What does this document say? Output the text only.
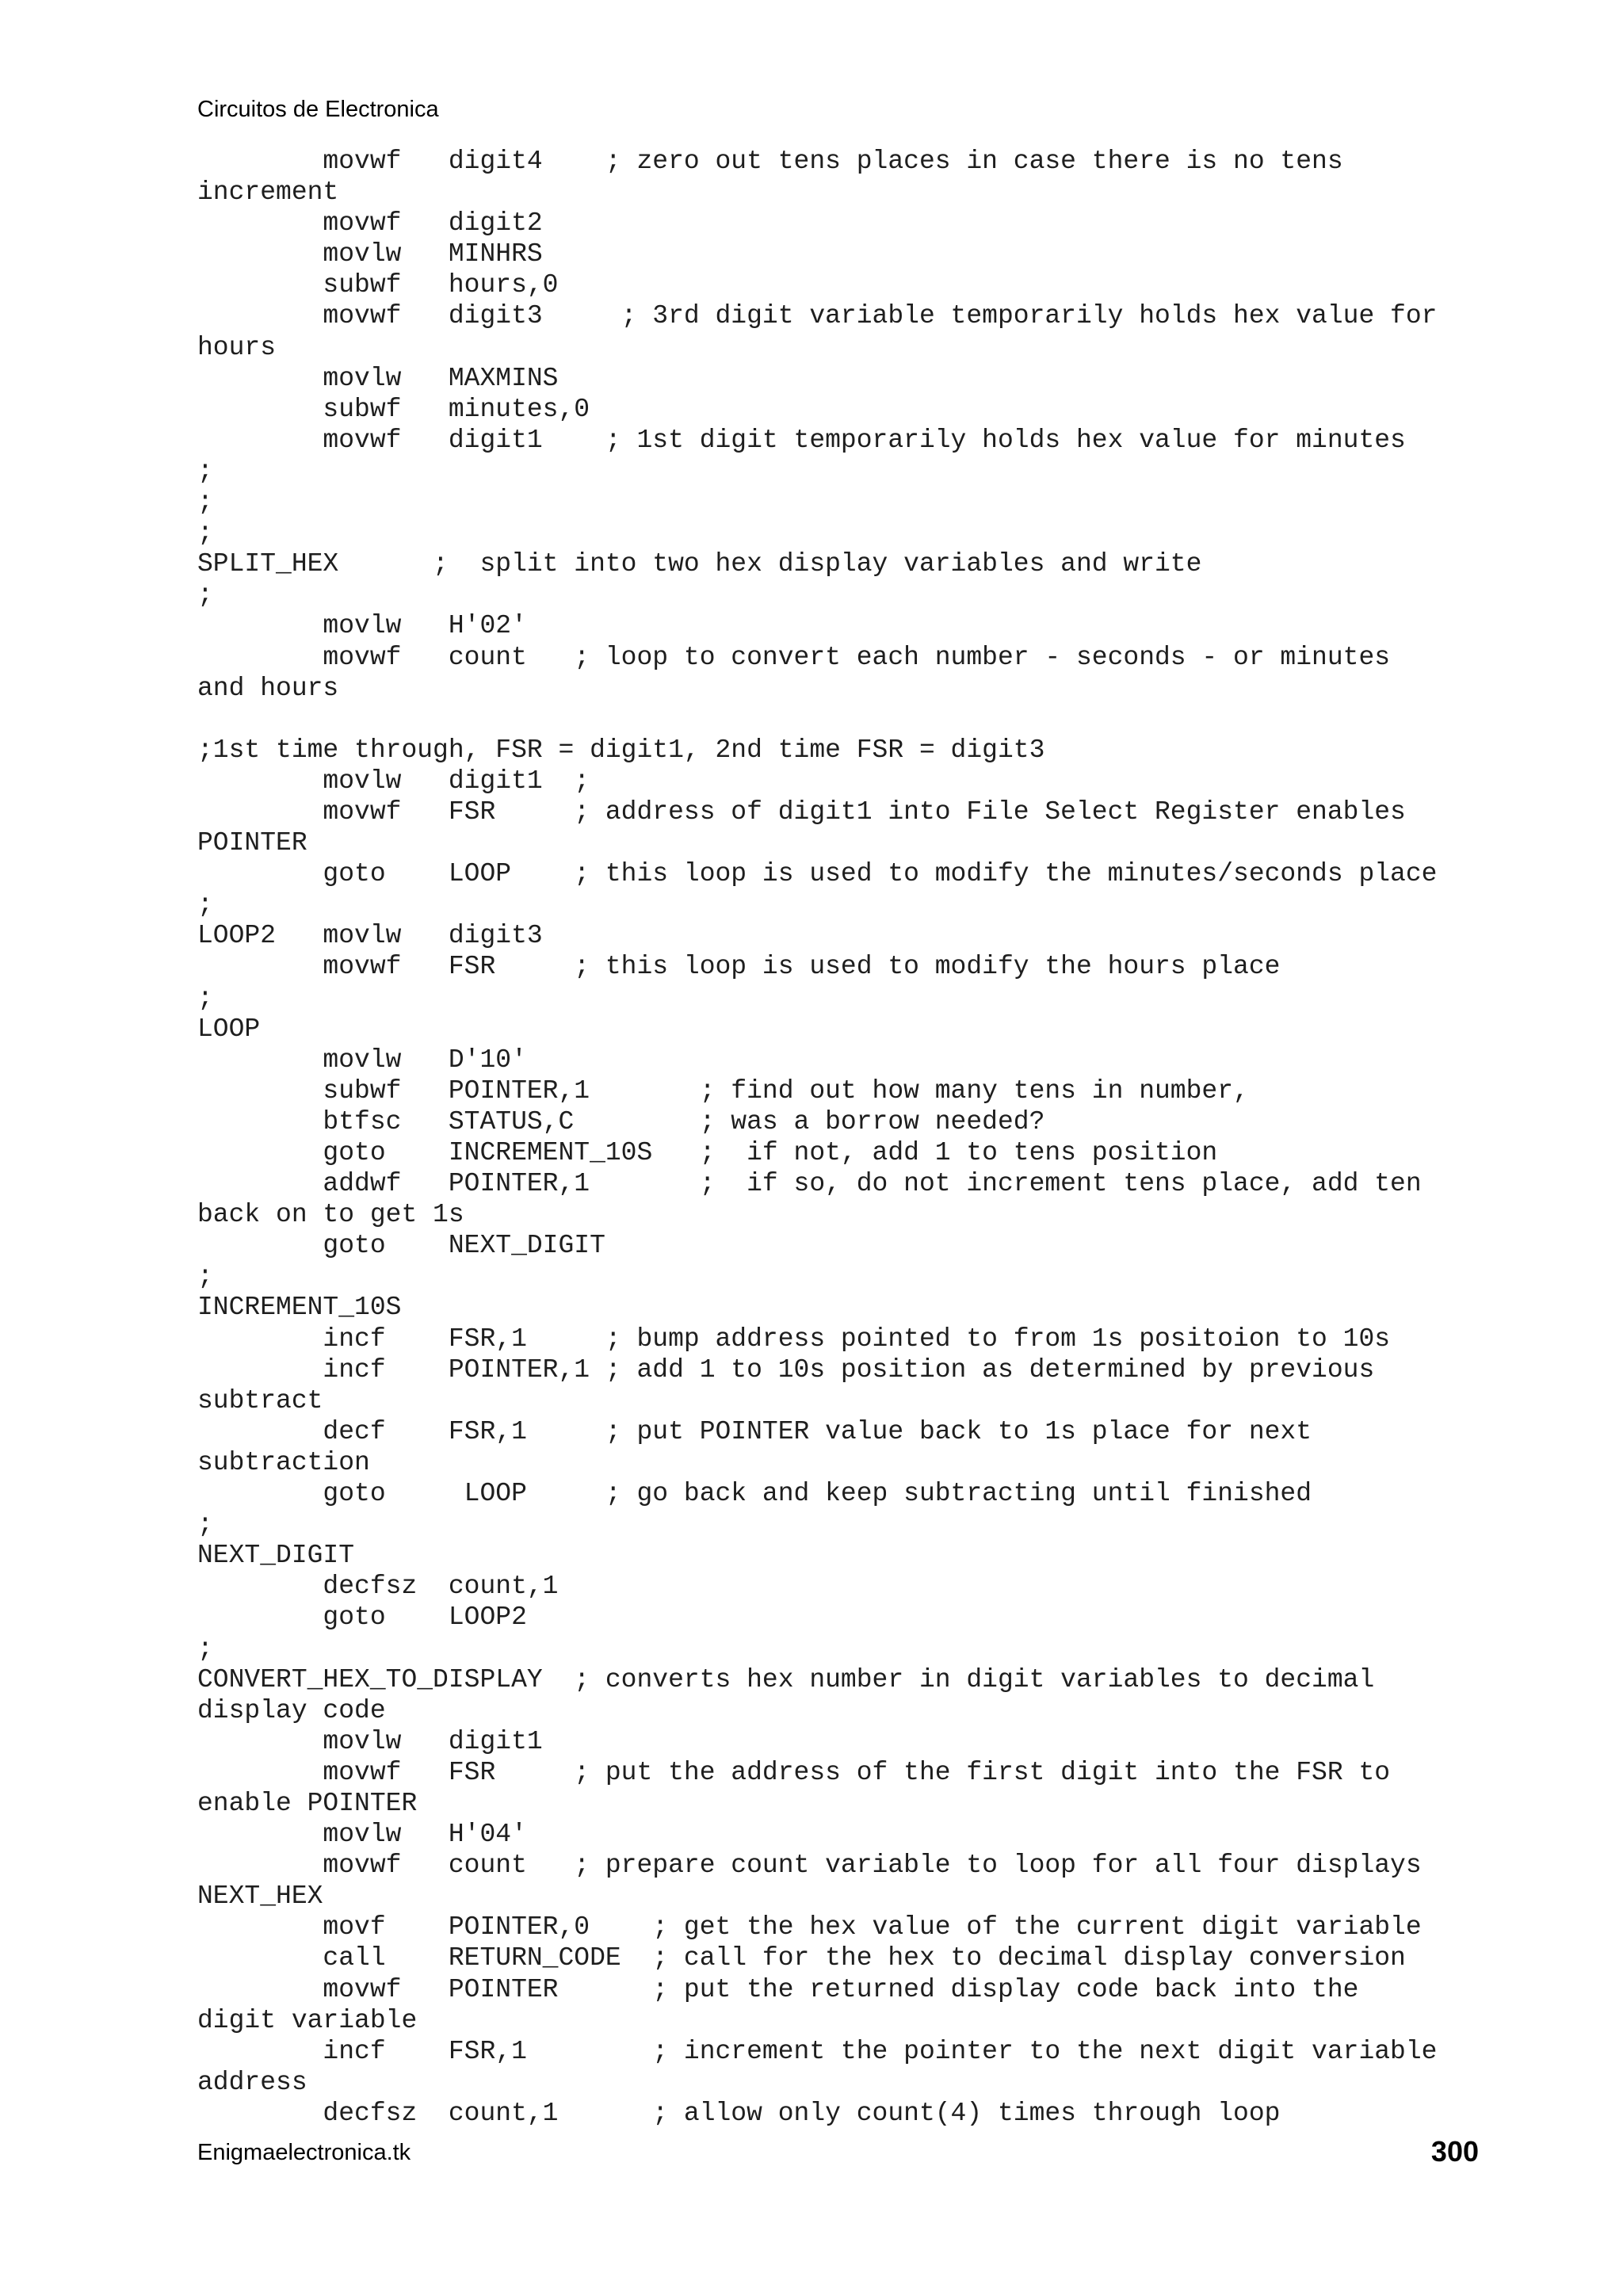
Circuitos de Electronica
movwf   digit4    ; zero out tens places in case there is no tens
increment
movwf   digit2
movlw   MINHRS
subwf   hours,0
movwf   digit3     ; 3rd digit variable temporarily holds hex value for
hours
movlw   MAXMINS
subwf   minutes,0
movwf   digit1    ; 1st digit temporarily holds hex value for minutes
;
;
;
SPLIT_HEX      ;  split into two hex display variables and write
;
movlw   H'02'
movwf   count   ; loop to convert each number - seconds - or minutes
and hours

;1st time through, FSR = digit1, 2nd time FSR = digit3
movlw   digit1  ;
movwf   FSR     ; address of digit1 into File Select Register enables
POINTER
goto    LOOP    ; this loop is used to modify the minutes/seconds place
;
LOOP2   movlw   digit3
movwf   FSR     ; this loop is used to modify the hours place
;
LOOP
movlw   D'10'
subwf   POINTER,1       ; find out how many tens in number,
btfsc   STATUS,C        ; was a borrow needed?
goto    INCREMENT_10S   ;  if not, add 1 to tens position
addwf   POINTER,1       ;  if so, do not increment tens place, add ten
back on to get 1s
goto    NEXT_DIGIT
;
INCREMENT_10S
incf    FSR,1     ; bump address pointed to from 1s positoion to 10s
incf    POINTER,1 ; add 1 to 10s position as determined by previous
subtract
decf    FSR,1     ; put POINTER value back to 1s place for next
subtraction
goto     LOOP     ; go back and keep subtracting until finished
;
NEXT_DIGIT
decfsz  count,1
goto    LOOP2
;
CONVERT_HEX_TO_DISPLAY  ; converts hex number in digit variables to decimal
display code
movlw   digit1
movwf   FSR     ; put the address of the first digit into the FSR to
enable POINTER
movlw   H'04'
movwf   count   ; prepare count variable to loop for all four displays
NEXT_HEX
movf    POINTER,0    ; get the hex value of the current digit variable
call    RETURN_CODE  ; call for the hex to decimal display conversion
movwf   POINTER      ; put the returned display code back into the
digit variable
incf    FSR,1        ; increment the pointer to the next digit variable
address
decfsz  count,1      ; allow only count(4) times through loop
Enigmaelectronica.tk	300
